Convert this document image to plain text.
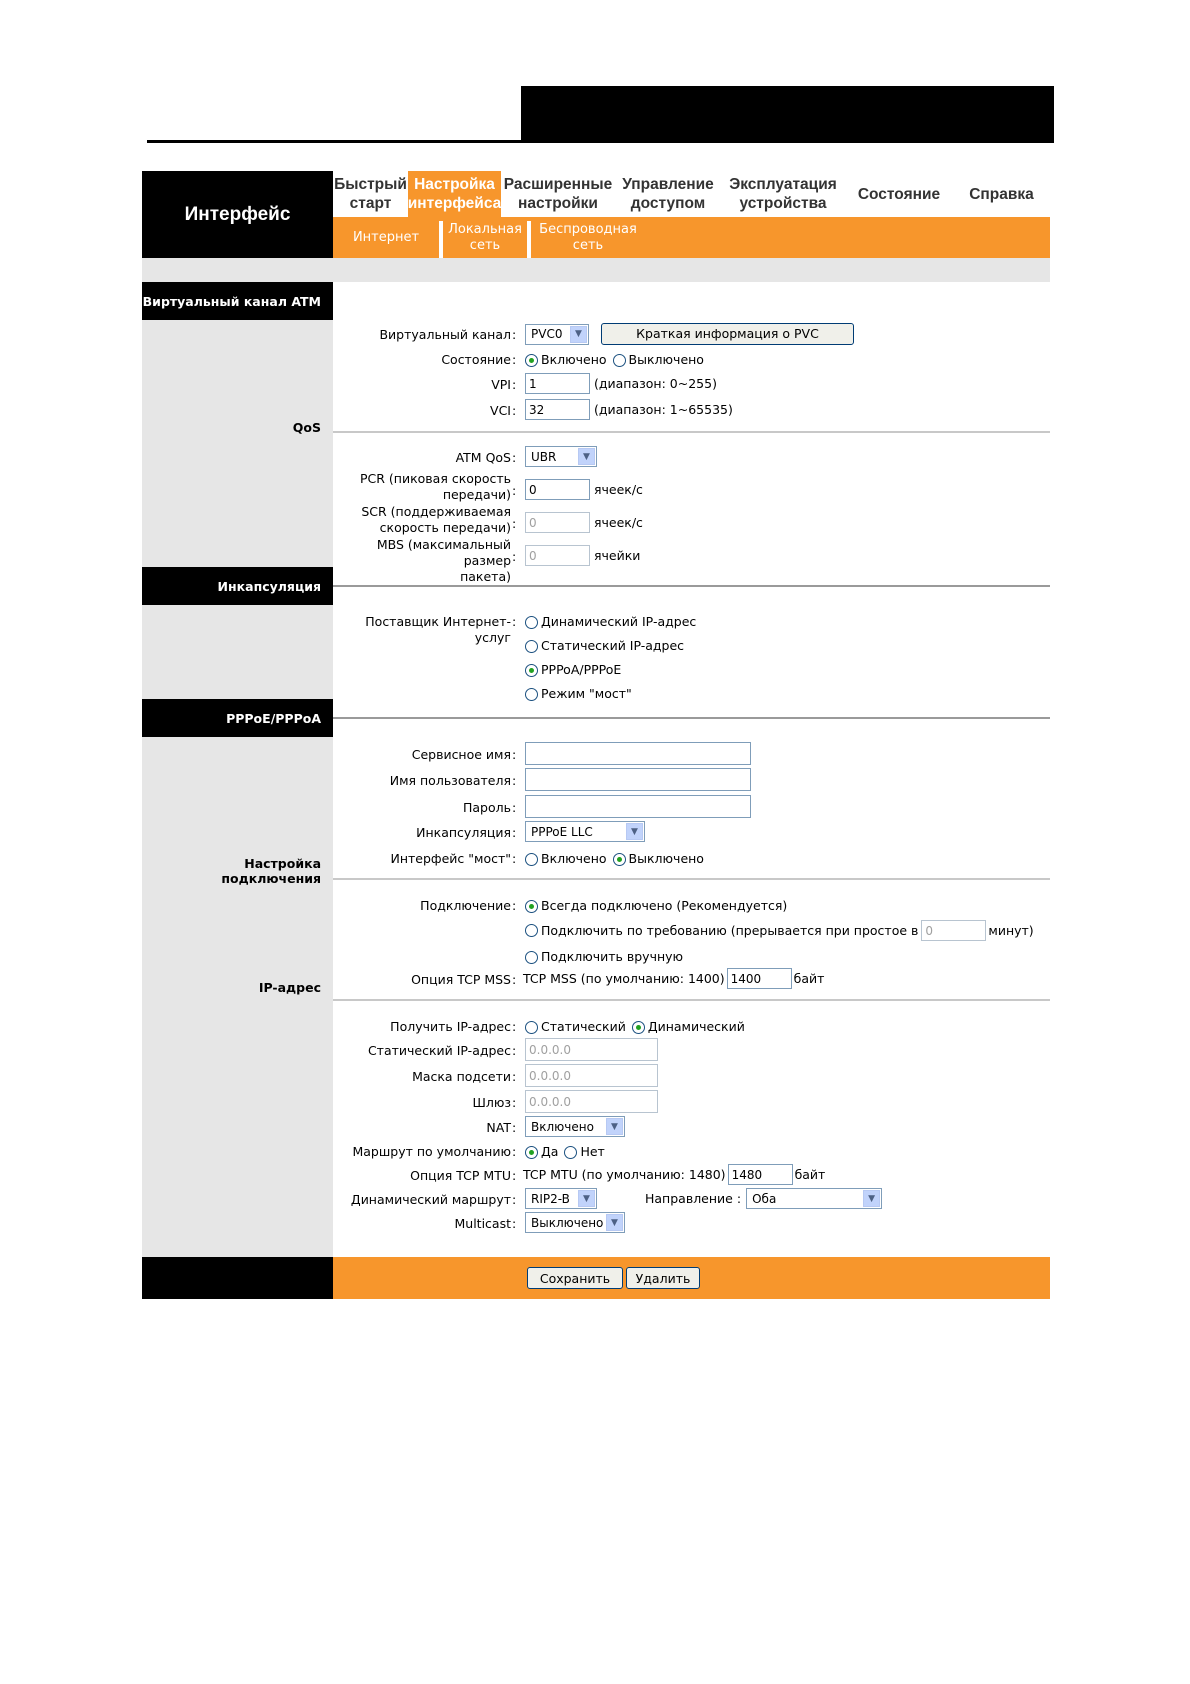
Интерфейс
Быстрый
старт
Настройка
интерфейса
Расширенные
настройки
Управление
доступом
Эксплуатация
устройства
Состояние Справка
Интернет
Локальная
сеть
Беспроводная
сеть
Виртуальный канал ATM
QoS
Инкапсуляция
PPPoE/PPPoA
Настройка подключения
IP-адрес
Виртуальный канал : PVC0	▼	Краткая информация о PVC
Состояние : Включено Выключено
VPI :	1	(диапазон: 0~255)
VCI :	32	(диапазон: 1~65535)
ATM QoS : UBR	▼
PCR (пиковая скорость
передачи) :	0	ячеек/с
SCR (поддерживаемая
скорость передачи) :	0	ячеек/с
MBS (максимальный размер
пакета)
:	0	ячейки
Поставщик Интернет-услуг
: Динамический IP-адрес
Статический IP-адрес
PPPoA/PPPoE
Режим "мост"
Сервисное имя :
Имя пользователя :
Пароль :
Инкапсуляция : PPPoE LLC	▼
Интерфейс "мост" : Включено Выключено
Подключение : Всегда подключено (Рекомендуется)
Подключить по требованию (прерывается при простое в 0	минут)
Подключить вручную
Опция TCP MSS : TCP MSS (по умолчанию: 1400) 1400	байт
Получить IP-адрес : Статический Динамический
Статический IP-адрес :	0.0.0.0
Маска подсети :	0.0.0.0
Шлюз :	0.0.0.0
NAT : Включено	▼
Маршрут по умолчанию : Да Нет
Опция TCP MTU : TCP MTU (по умолчанию: 1480) 1480	байт
Динамический маршрут : RIP2-B	▼	Направление : Оба	▼
Multicast : Выключено ▼
Сохранить	Удалить
